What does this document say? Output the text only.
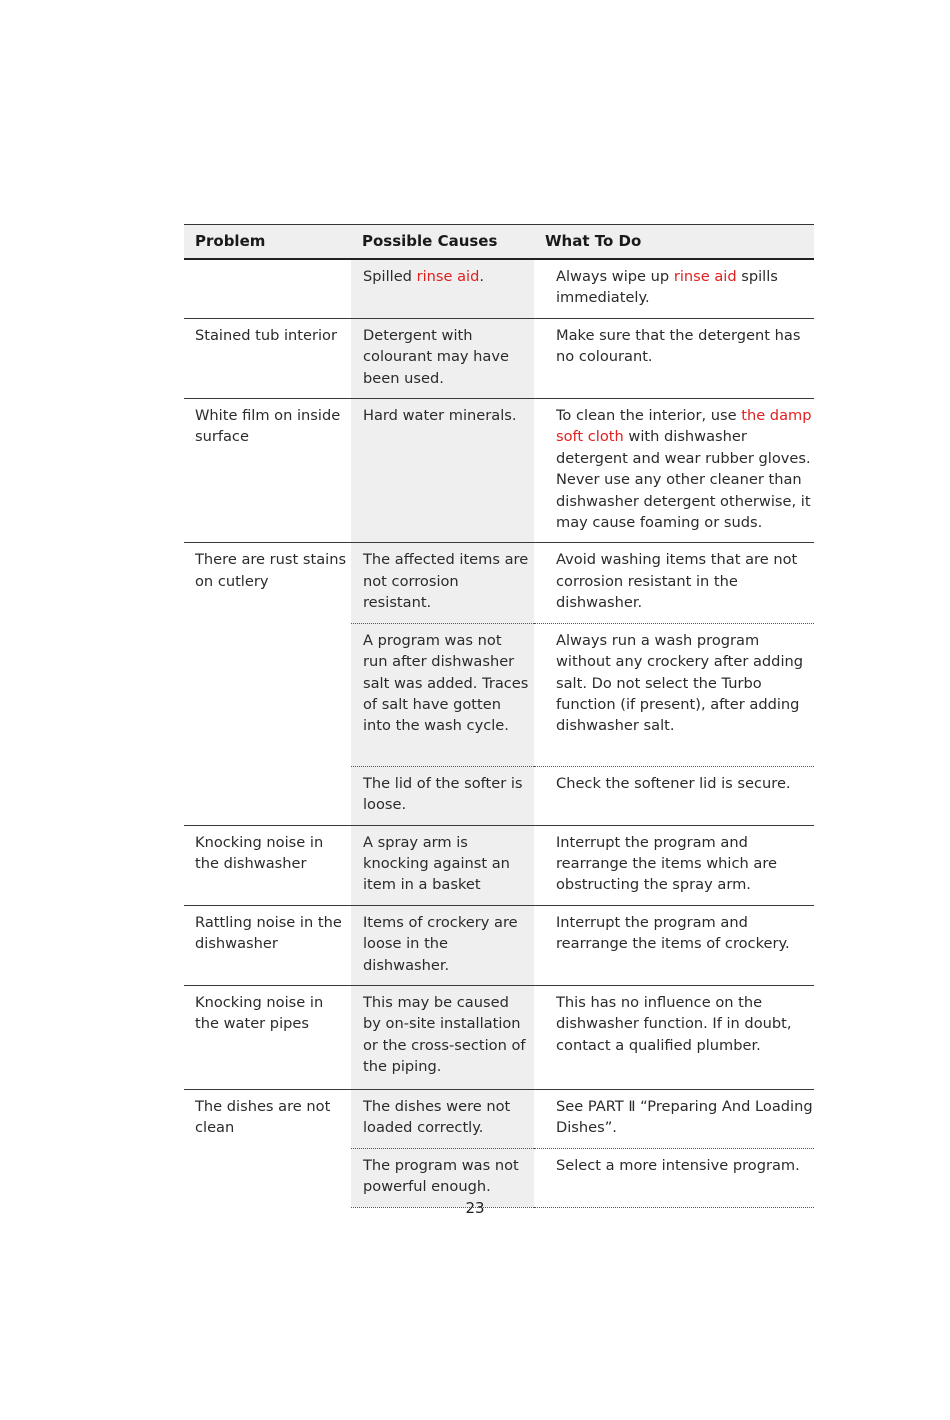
Problem	Possible Causes	What To Do
	Spilled rinse aid.	Always wipe up rinse aid spills immediately.
Stained tub interior	Detergent with colourant may have been used.	Make sure that the detergent has no colourant.
White film on inside surface	Hard water minerals.	To clean the interior, use the damp soft cloth with dishwasher detergent and wear rubber gloves. Never use any other cleaner than dishwasher detergent otherwise, it may cause foaming or suds.
There are rust stains on cutlery	The affected items are not corrosion resistant.	Avoid washing items that are not corrosion resistant in the dishwasher.
	A program was not run after dishwasher salt was added. Traces of salt have gotten into the wash cycle.	Always run a wash program without any crockery after adding salt. Do not select the Turbo function (if present), after adding dishwasher salt.
	The lid of the softer is loose.	Check the softener lid is secure.
Knocking noise in the dishwasher	A spray arm is knocking against an item in a basket	Interrupt the program and rearrange the items which are obstructing the spray arm.
Rattling noise in the dishwasher	Items of crockery are loose in the dishwasher.	Interrupt the program and rearrange the items of crockery.
Knocking noise in the water pipes	This may be caused by on-site installation or the cross-section of the piping.	This has no influence on the dishwasher function. If in doubt, contact a qualified plumber.
The dishes are not clean	The dishes were not loaded correctly.	See PART Ⅱ “Preparing And Loading Dishes”.
	The program was not powerful enough.	Select a more intensive program.
23
